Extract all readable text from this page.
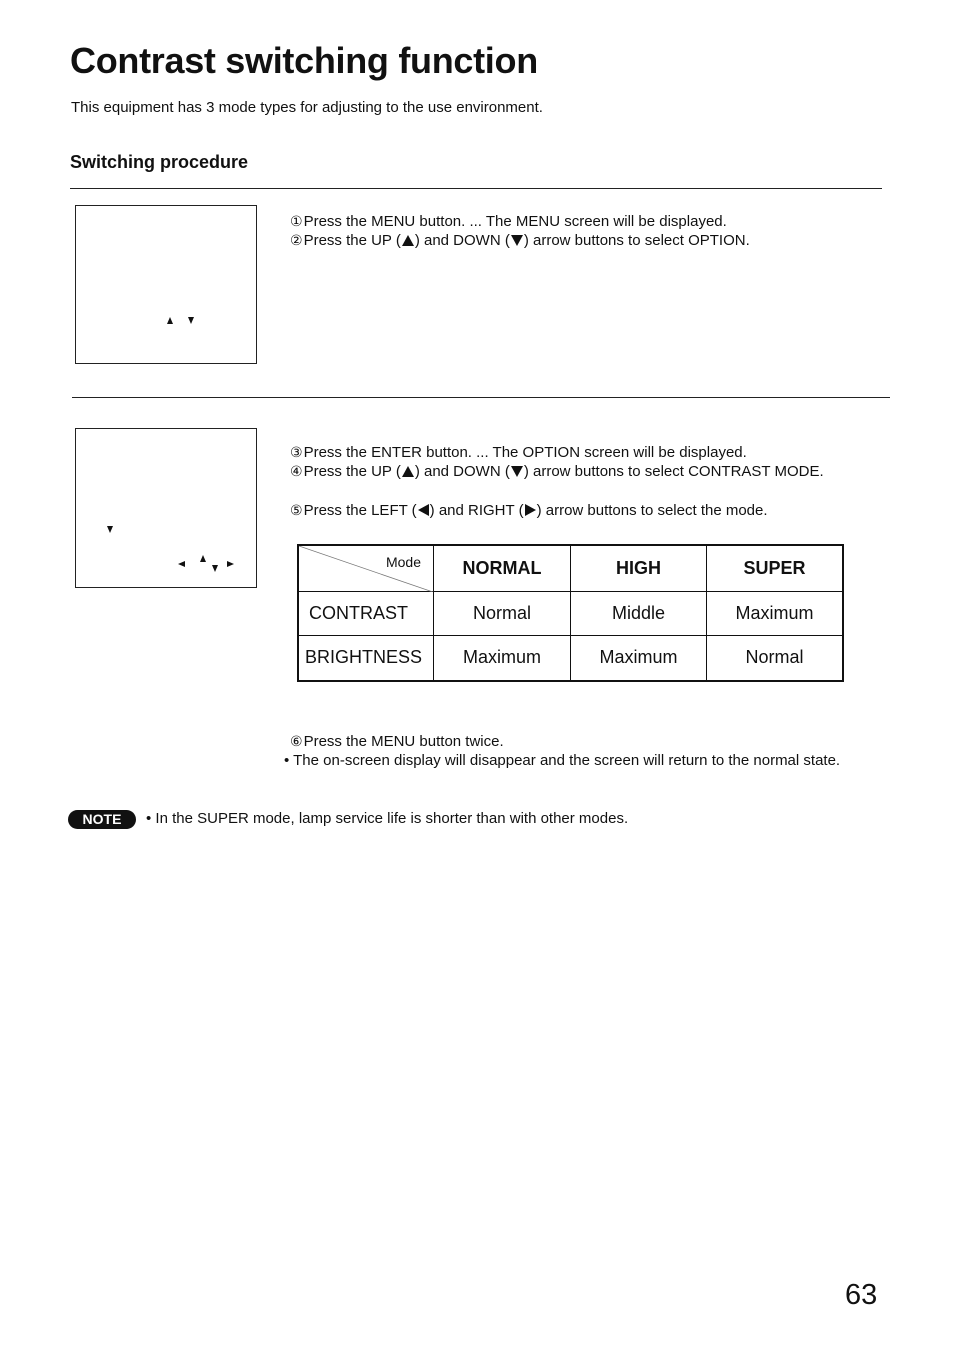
Contrast switching function
This equipment has 3 mode types for adjusting to the use environment.
Switching procedure

①Press the MENU button. ... The MENU screen will be displayed.
②Press the UP ( ) and DOWN ( ) arrow buttons to select OPTION.

③Press the ENTER button. ... The OPTION screen will be displayed.
④Press the UP ( ) and DOWN ( ) arrow buttons to select CONTRAST MODE.
⑤Press the LEFT ( ) and RIGHT ( ) arrow buttons to select the mode.
Mode	NORMAL	HIGH	SUPER
CONTRAST	Normal	Middle	Maximum
BRIGHTNESS	Maximum	Maximum	Normal
⑥Press the MENU button twice.
• The on-screen display will disappear and the screen will return to the normal state.
NOTE	• In the SUPER mode, lamp service life is shorter than with other modes.
63
